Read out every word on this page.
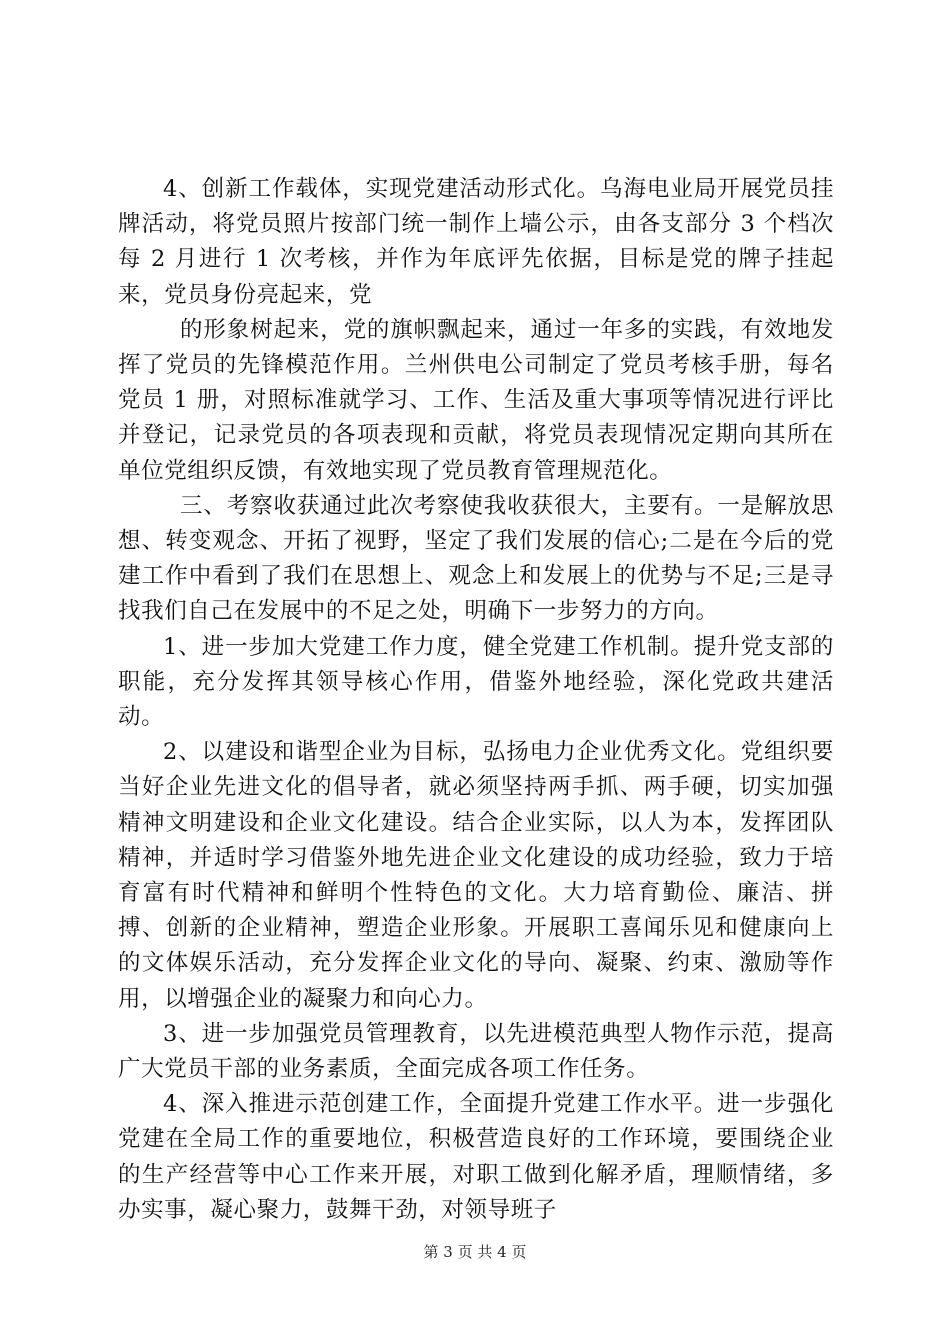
4、创新工作载体，实现党建活动形式化。乌海电业局开展党员挂牌活动，将党员照片按部门统一制作上墙公示，由各支部分 3 个档次每 2 月进行 1 次考核，并作为年底评先依据，目标是党的牌子挂起来，党员身份亮起来，党

的形象树起来，党的旗帜飘起来，通过一年多的实践，有效地发挥了党员的先锋模范作用。兰州供电公司制定了党员考核手册，每名党员 1 册，对照标准就学习、工作、生活及重大事项等情况进行评比并登记，记录党员的各项表现和贡献，将党员表现情况定期向其所在单位党组织反馈，有效地实现了党员教育管理规范化。

三、考察收获通过此次考察使我收获很大，主要有。一是解放思想、转变观念、开拓了视野，坚定了我们发展的信心;二是在今后的党建工作中看到了我们在思想上、观念上和发展上的优势与不足;三是寻找我们自己在发展中的不足之处，明确下一步努力的方向。

1、进一步加大党建工作力度，健全党建工作机制。提升党支部的职能，充分发挥其领导核心作用，借鉴外地经验，深化党政共建活动。

2、以建设和谐型企业为目标，弘扬电力企业优秀文化。党组织要当好企业先进文化的倡导者，就必须坚持两手抓、两手硬，切实加强精神文明建设和企业文化建设。结合企业实际，以人为本，发挥团队精神，并适时学习借鉴外地先进企业文化建设的成功经验，致力于培育富有时代精神和鲜明个性特色的文化。大力培育勤俭、廉洁、拼搏、创新的企业精神，塑造企业形象。开展职工喜闻乐见和健康向上的文体娱乐活动，充分发挥企业文化的导向、凝聚、约束、激励等作用，以增强企业的凝聚力和向心力。

3、进一步加强党员管理教育，以先进模范典型人物作示范，提高广大党员干部的业务素质，全面完成各项工作任务。

4、深入推进示范创建工作，全面提升党建工作水平。进一步强化党建在全局工作的重要地位，积极营造良好的工作环境，要围绕企业的生产经营等中心工作来开展，对职工做到化解矛盾，理顺情绪，多办实事，凝心聚力，鼓舞干劲，对领导班子

第 3 页 共 4 页
